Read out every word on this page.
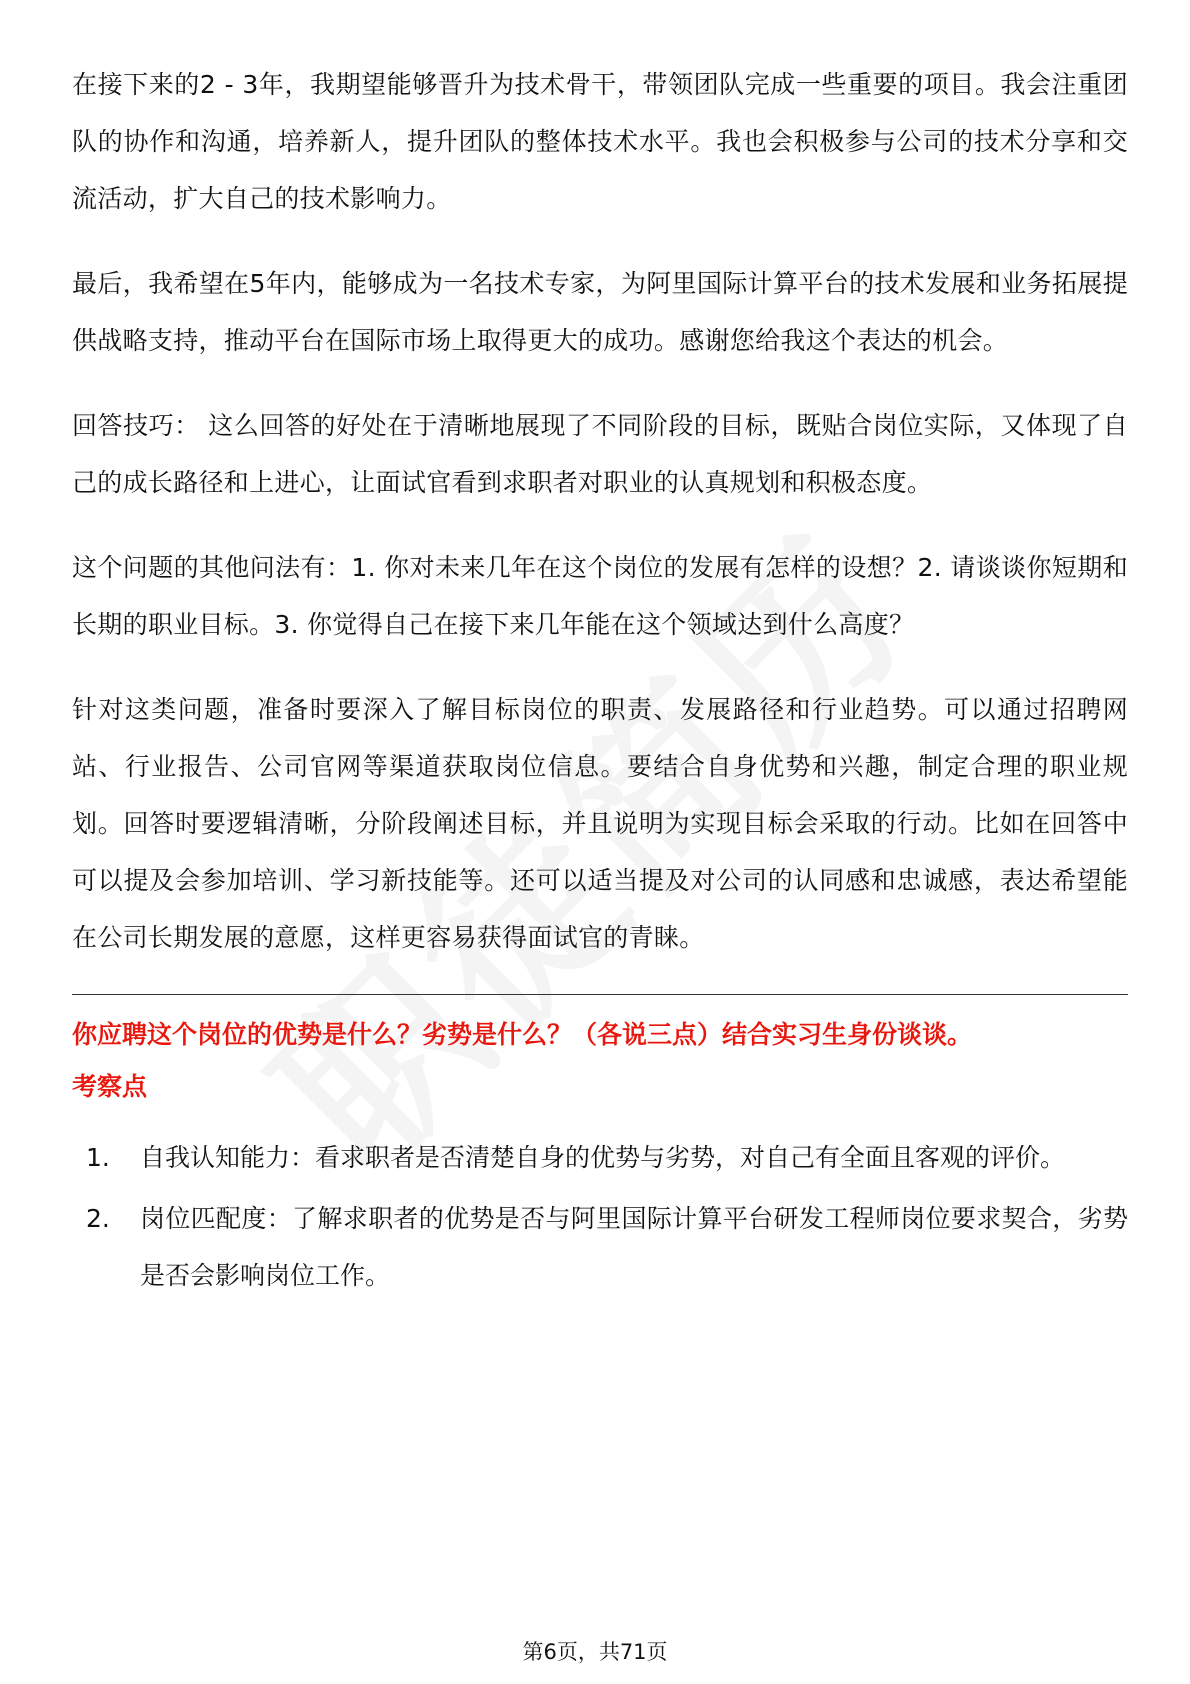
在接下来的2 - 3年，我期望能够晋升为技术骨干，带领团队完成一些重要的项目。我会注重团队的协作和沟通，培养新人，提升团队的整体技术水平。我也会积极参与公司的技术分享和交流活动，扩大自己的技术影响力。

最后，我希望在5年内，能够成为一名技术专家，为阿里国际计算平台的技术发展和业务拓展提供战略支持，推动平台在国际市场上取得更大的成功。感谢您给我这个表达的机会。

回答技巧： 这么回答的好处在于清晰地展现了不同阶段的目标，既贴合岗位实际，又体现了自己的成长路径和上进心，让面试官看到求职者对职业的认真规划和积极态度。

这个问题的其他问法有：1. 你对未来几年在这个岗位的发展有怎样的设想？2. 请谈谈你短期和长期的职业目标。3. 你觉得自己在接下来几年能在这个领域达到什么高度？

针对这类问题，准备时要深入了解目标岗位的职责、发展路径和行业趋势。可以通过招聘网站、行业报告、公司官网等渠道获取岗位信息。要结合自身优势和兴趣，制定合理的职业规划。回答时要逻辑清晰，分阶段阐述目标，并且说明为实现目标会采取的行动。比如在回答中可以提及会参加培训、学习新技能等。还可以适当提及对公司的认同感和忠诚感，表达希望能在公司长期发展的意愿，这样更容易获得面试官的青睐。

你应聘这个岗位的优势是什么？劣势是什么？（各说三点）结合实习生身份谈谈。

考察点

1.	自我认知能力：看求职者是否清楚自身的优势与劣势，对自己有全面且客观的评价。
2.	岗位匹配度：了解求职者的优势是否与阿里国际计算平台研发工程师岗位要求契合，劣势是否会影响岗位工作。
第6页，共71页
